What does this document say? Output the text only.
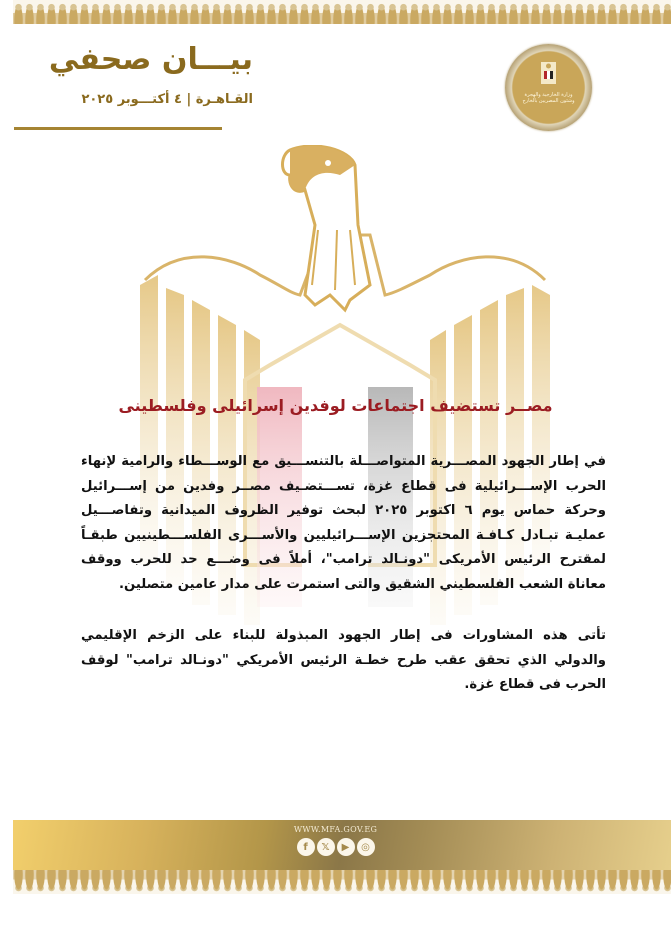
بيـــان صحفي
القـاهـرة | ٤ أكتـــوبر ٢٠٢٥	وزارة الخارجية والهجرة وشئون المصريين بالخارج
مصــر تستضيف اجتماعات لوفدين إسرائيلى وفلسطينى

في إطار الجهود المصـــرية المتواصـــلة بالتنســـيق مع الوســـطاء والرامية لإنهاء الحرب الإســـرائيلية فى قطاع غزة، تســـتضـيف مصــر وفدين من إســـرائيل وحركة حماس يوم ٦ اكتوبر ٢٠٢٥ لبحث توفير الظروف الميدانية وتفاصـــيل عمليـة تبـادل كـافـة المحتجزين الإســـرائيليين والأســـرى الفلســـطينيين طبقـاً لمقترح الرئيس الأمريكى "دونـالد ترامب"، أملاً فى وضـــع حد للحرب ووقف معاناة الشعب الفلسطيني الشقيق والتى استمرت على مدار عامين متصلين.

تأتى هذه المشاورات فى إطار الجهود المبذولة للبناء على الزخم الإقليمي والدولي الذي تحقق عقب طرح خطـة الرئيس الأمريكي "دونـالد ترامب" لوقف الحرب فى قطاع غزة.

WWW.MFA.GOV.EG
f	𝕏	▶	◎
